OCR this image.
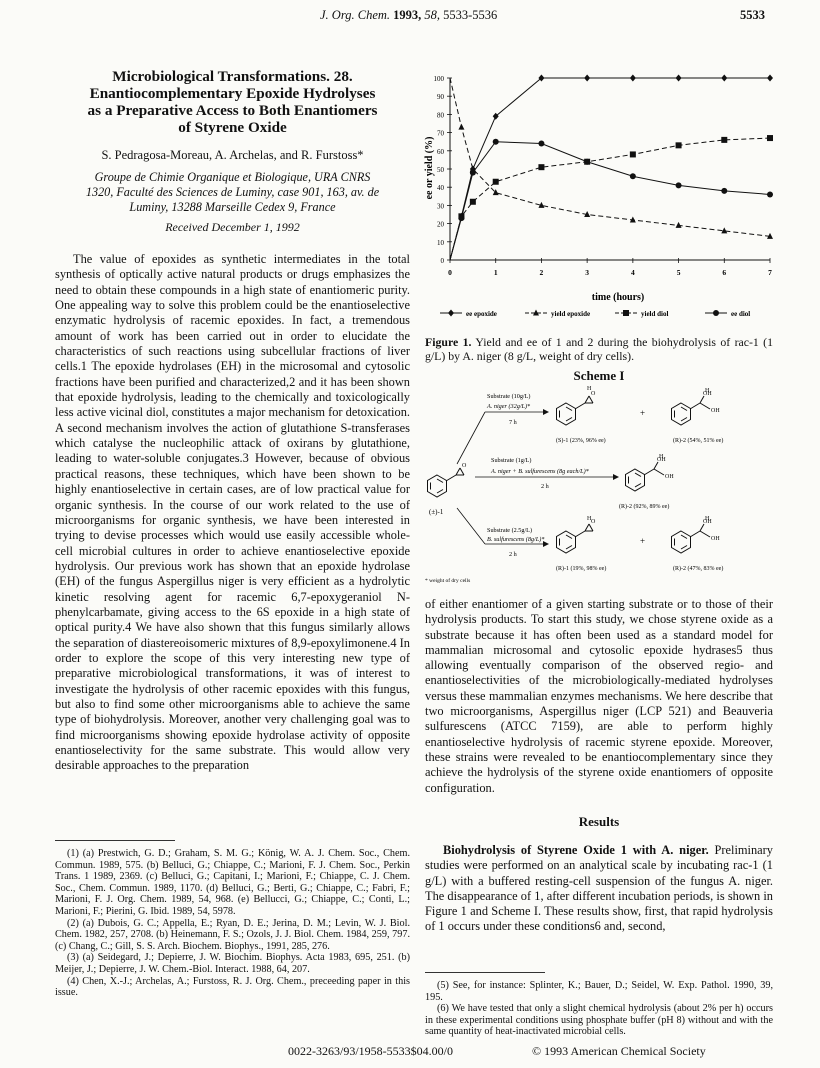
J. Org. Chem. 1993, 58, 5533-5536	5533
Microbiological Transformations. 28.
Enantiocomplementary Epoxide Hydrolyses
as a Preparative Access to Both Enantiomers
of Styrene Oxide
S. Pedragosa-Moreau, A. Archelas, and R. Furstoss*
Groupe de Chimie Organique et Biologique, URA CNRS
1320, Faculté des Sciences de Luminy, case 901, 163, av. de
Luminy, 13288 Marseille Cedex 9, France
Received December 1, 1992

The value of epoxides as synthetic intermediates in the total synthesis of optically active natural products or drugs emphasizes the need to obtain these compounds in a high state of enantiomeric purity. One appealing way to solve this problem could be the enantioselective enzymatic hydrolysis of racemic epoxides. In fact, a tremendous amount of work has been carried out in order to elucidate the characteristics of such reactions using subcellular fractions of liver cells.1 The epoxide hydrolases (EH) in the microsomal and cytosolic fractions have been purified and characterized,2 and it has been shown that epoxide hydrolysis, leading to the chemically and toxicologically less active vicinal diol, constitutes a major mechanism for detoxication. A second mechanism involves the action of glutathione S-transferases which catalyse the nucleophilic attack of oxirans by glutathione, leading to water-soluble conjugates.3 However, because of obvious practical reasons, these techniques, which have been shown to be highly enantioselective in certain cases, are of low practical value for organic synthesis. In the course of our work related to the use of microorganisms for organic synthesis, we have been interested in trying to devise processes which would use easily accessible whole-cell microbial cultures in order to achieve enantioselective epoxide hydrolysis. Our previous work has shown that an epoxide hydrolase (EH) of the fungus Aspergillus niger is very efficient as a hydrolytic kinetic resolving agent for racemic 6,7-epoxygeraniol N-phenylcarbamate, giving access to the 6S epoxide in a high state of optical purity.4 We have also shown that this fungus similarly allows the separation of diastereoisomeric mixtures of 8,9-epoxylimonene.4 In order to explore the scope of this very interesting new type of preparative microbiological transformations, it was of interest to investigate the hydrolysis of other racemic epoxides with this fungus, but also to find some other microorganisms able to achieve the same type of biohydrolysis. Moreover, another very challenging goal was to find microorganisms showing epoxide hydrolase activity of opposite enantioselectivity for the same substrate. This would allow very desirable approaches to the preparation

(1) (a) Prestwich, G. D.; Graham, S. M. G.; König, W. A. J. Chem. Soc., Chem. Commun. 1989, 575. (b) Belluci, G.; Chiappe, C.; Marioni, F. J. Chem. Soc., Perkin Trans. 1 1989, 2369. (c) Belluci, G.; Capitani, I.; Marioni, F.; Chiappe, C. J. Chem. Soc., Chem. Commun. 1989, 1170. (d) Belluci, G.; Berti, G.; Chiappe, C.; Fabri, F.; Marioni, F. J. Org. Chem. 1989, 54, 968. (e) Bellucci, G.; Chiappe, C.; Conti, L.; Marioni, F.; Pierini, G. Ibid. 1989, 54, 5978.
(2) (a) Dubois, G. C.; Appella, E.; Ryan, D. E.; Jerina, D. M.; Levin, W. J. Biol. Chem. 1982, 257, 2708. (b) Heinemann, F. S.; Ozols, J. J. Biol. Chem. 1984, 259, 797. (c) Chang, C.; Gill, S. S. Arch. Biochem. Biophys., 1991, 285, 276.
(3) (a) Seidegard, J.; Depierre, J. W. Biochim. Biophys. Acta 1983, 695, 251. (b) Meijer, J.; Depierre, J. W. Chem.-Biol. Interact. 1988, 64, 207.
(4) Chen, X.-J.; Archelas, A.; Furstoss, R. J. Org. Chem., preceeding paper in this issue.
0022-3263/93/1958-5533$04.00/0	© 1993 American Chemical Society
0
10
20
30
40
50
60
70
80
90
100
0	1	2	3	4	5	6	7
ee or yield (%)
time (hours)
ee epoxide	yield epoxide	yield diol	ee diol
Figure 1. Yield and ee of 1 and 2 during the biohydrolysis of rac-1 (1 g/L) by A. niger (8 g/L, weight of dry cells).
Scheme I
OH
(±)-1
Substrate (10g/L)
A. niger (32g/L)*
7 h
H
(S)-1 (23%, 96% ee)
+
H
(R)-2 (54%, 51% ee)
Substrate (1g/L)
A. niger + B. sulfurescens (8g each/L)*
2 h
H
(R)-2 (92%, 89% ee)
Substrate (2.5g/L)
B. sulfurescens (8g/L)*
2 h
H
(R)-1 (19%, 98% ee)
+
H
(R)-2 (47%, 83% ee)
* weight of dry cells

of either enantiomer of a given starting substrate or to those of their hydrolysis products. To start this study, we chose styrene oxide as a substrate because it has often been used as a standard model for mammalian microsomal and cytosolic epoxide hydrases5 thus allowing eventually comparison of the observed regio- and enantioselectivities of the microbiologically-mediated hydrolyses versus these mammalian enzymes mechanisms. We here describe that two microorganisms, Aspergillus niger (LCP 521) and Beauveria sulfurescens (ATCC 7159), are able to perform highly enantioselective hydrolysis of racemic styrene epoxide. Moreover, these strains were revealed to be enantiocomplementary since they achieve the hydrolysis of the styrene oxide enantiomers of opposite configuration.

Results

Biohydrolysis of Styrene Oxide 1 with A. niger. Preliminary studies were performed on an analytical scale by incubating rac-1 (1 g/L) with a buffered resting-cell suspension of the fungus A. niger. The disappearance of 1, after different incubation periods, is shown in Figure 1 and Scheme I. These results show, first, that rapid hydrolysis of 1 occurs under these conditions6 and, second,

(5) See, for instance: Splinter, K.; Bauer, D.; Seidel, W. Exp. Pathol. 1990, 39, 195.
(6) We have tested that only a slight chemical hydrolysis (about 2% per h) occurs in these experimental conditions using phosphate buffer (pH 8) without and with the same quantity of heat-inactivated microbial cells.
